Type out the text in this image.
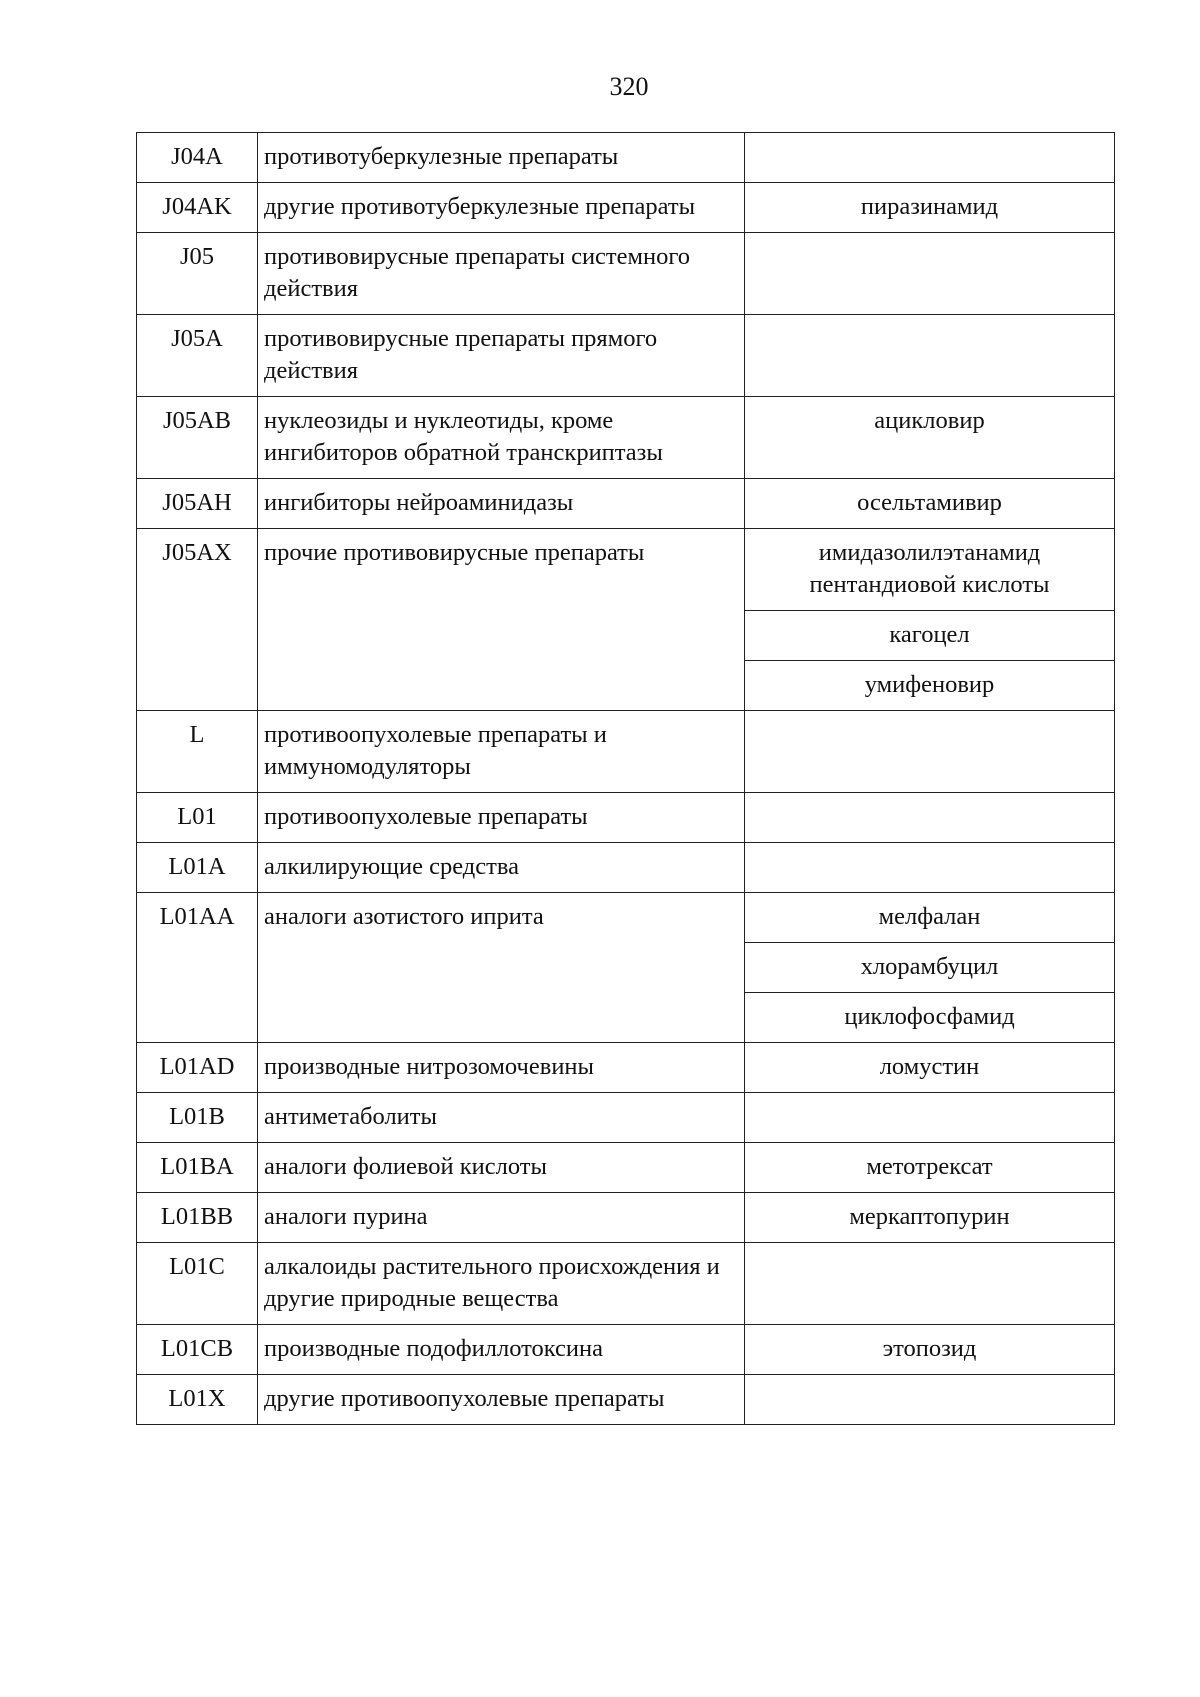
320
J04A	противотуберкулезные препараты	
J04AK	другие противотуберкулезные препараты	пиразинамид
J05	противовирусные препараты системного действия	
J05A	противовирусные препараты прямого действия	
J05AB	нуклеозиды и нуклеотиды, кроме ингибиторов обратной транскриптазы	ацикловир
J05AH	ингибиторы нейроаминидазы	осельтамивир
J05AX	прочие противовирусные препараты	имидазолилэтанамид пентандиовой кислоты
		кагоцел
		умифеновир
L	противоопухолевые препараты и иммуномодуляторы	
L01	противоопухолевые препараты	
L01A	алкилирующие средства	
L01AA	аналоги азотистого иприта	мелфалан
		хлорамбуцил
		циклофосфамид
L01AD	производные нитрозомочевины	ломустин
L01B	антиметаболиты	
L01BA	аналоги фолиевой кислоты	метотрексат
L01BB	аналоги пурина	меркаптопурин
L01C	алкалоиды растительного происхождения и другие природные вещества	
L01CB	производные подофиллотоксина	этопозид
L01X	другие противоопухолевые препараты	
